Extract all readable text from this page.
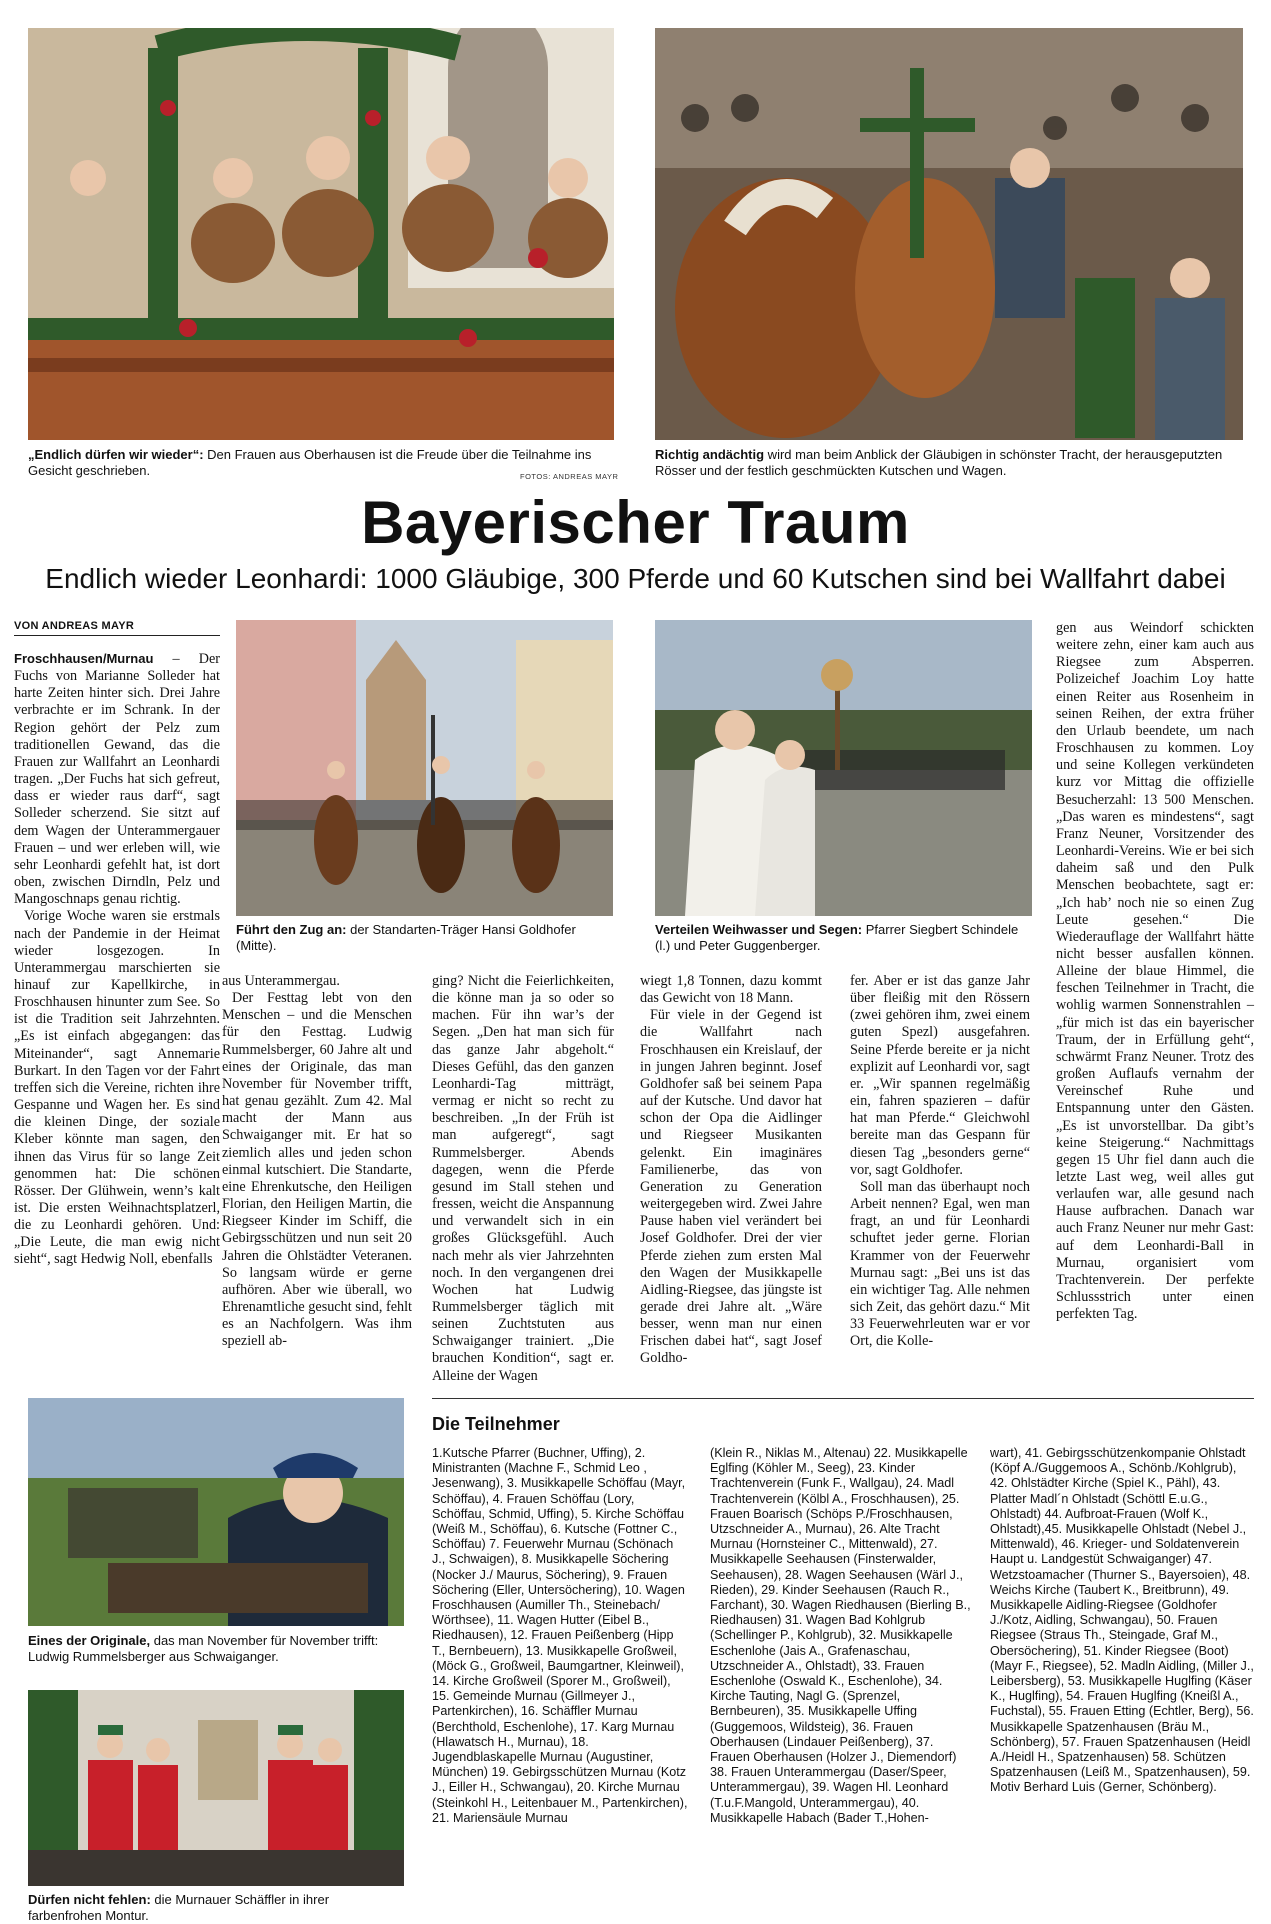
„Endlich dürfen wir wieder“: Den Frauen aus Oberhausen ist die Freude über die Teilnahme ins Gesicht geschrieben.	FOTOS: ANDREAS MAYR
Richtig andächtig wird man beim Anblick der Gläubigen in schönster Tracht, der herausgeputzten Rösser und der festlich geschmückten Kutschen und Wagen.
Bayerischer Traum
Endlich wieder Leonhardi: 1000 Gläubige, 300 Pferde und 60 Kutschen sind bei Wallfahrt dabei
VON ANDREAS MAYR
Führt den Zug an: der Standarten-Träger Hansi Goldhofer (Mitte).
Verteilen Weihwasser und Segen: Pfarrer Siegbert Schindele (l.) und Peter Guggenberger.

Froschhausen/Murnau – Der Fuchs von Marianne Solleder hat harte Zeiten hinter sich. Drei Jahre verbrachte er im Schrank. In der Region gehört der Pelz zum traditionellen Gewand, das die Frauen zur Wallfahrt an Leonhardi tragen. „Der Fuchs hat sich gefreut, dass er wieder raus darf“, sagt Solleder scherzend. Sie sitzt auf dem Wagen der Unterammergauer Frauen – und wer erleben will, wie sehr Leonhardi gefehlt hat, ist dort oben, zwischen Dirndln, Pelz und Mangoschnaps genau richtig.

Vorige Woche waren sie erstmals nach der Pandemie in der Heimat wieder losgezogen. In Unterammergau marschierten sie hinauf zur Kapellkirche, in Froschhausen hinunter zum See. So ist die Tradition seit Jahrzehnten. „Es ist einfach abgegangen: das Miteinander“, sagt Annemarie Burkart. In den Tagen vor der Fahrt treffen sich die Vereine, richten ihre Gespanne und Wagen her. Es sind die kleinen Dinge, der soziale Kleber könnte man sagen, den ihnen das Virus für so lange Zeit genommen hat: Die schönen Rösser. Der Glühwein, wenn’s kalt ist. Die ersten Weihnachtsplatzerl, die zu Leonhardi gehören. Und: „Die Leute, die man ewig nicht sieht“, sagt Hedwig Noll, ebenfalls

aus Unterammergau.

Der Festtag lebt von den Menschen – und die Menschen für den Festtag. Ludwig Rummelsberger, 60 Jahre alt und eines der Originale, das man November für November trifft, hat genau gezählt. Zum 42. Mal macht der Mann aus Schwaiganger mit. Er hat so ziemlich alles und jeden schon einmal kutschiert. Die Standarte, eine Ehrenkutsche, den Heiligen Florian, den Heiligen Martin, die Riegseer Kinder im Schiff, die Gebirgsschützen und nun seit 20 Jahren die Ohlstädter Veteranen. So langsam würde er gerne aufhören. Aber wie überall, wo Ehrenamtliche gesucht sind, fehlt es an Nachfolgern. Was ihm speziell ab-

ging? Nicht die Feierlichkeiten, die könne man ja so oder so machen. Für ihn war’s der Segen. „Den hat man sich für das ganze Jahr abgeholt.“ Dieses Gefühl, das den ganzen Leonhardi-Tag mitträgt, vermag er nicht so recht zu beschreiben. „In der Früh ist man aufgeregt“, sagt Rummelsberger. Abends dagegen, wenn die Pferde gesund im Stall stehen und fressen, weicht die Anspannung und verwandelt sich in ein großes Glücksgefühl. Auch nach mehr als vier Jahrzehnten noch. In den vergangenen drei Wochen hat Ludwig Rummelsberger täglich mit seinen Zuchtstuten aus Schwaiganger trainiert. „Die brauchen Kondition“, sagt er. Alleine der Wagen

wiegt 1,8 Tonnen, dazu kommt das Gewicht von 18 Mann.

Für viele in der Gegend ist die Wallfahrt nach Froschhausen ein Kreislauf, der in jungen Jahren beginnt. Josef Goldhofer saß bei seinem Papa auf der Kutsche. Und davor hat schon der Opa die Aidlinger und Riegseer Musikanten gelenkt. Ein imaginäres Familienerbe, das von Generation zu Generation weitergegeben wird. Zwei Jahre Pause haben viel verändert bei Josef Goldhofer. Drei der vier Pferde ziehen zum ersten Mal den Wagen der Musikkapelle Aidling-Riegsee, das jüngste ist gerade drei Jahre alt. „Wäre besser, wenn man nur einen Frischen dabei hat“, sagt Josef Goldho-

fer. Aber er ist das ganze Jahr über fleißig mit den Rössern (zwei gehören ihm, zwei einem guten Spezl) ausgefahren. Seine Pferde bereite er ja nicht explizit auf Leonhardi vor, sagt er. „Wir spannen regelmäßig ein, fahren spazieren – dafür hat man Pferde.“ Gleichwohl bereite man das Gespann für diesen Tag „besonders gerne“ vor, sagt Goldhofer.

Soll man das überhaupt noch Arbeit nennen? Egal, wen man fragt, an und für Leonhardi schuftet jeder gerne. Florian Krammer von der Feuerwehr Murnau sagt: „Bei uns ist das ein wichtiger Tag. Alle nehmen sich Zeit, das gehört dazu.“ Mit 33 Feuerwehrleuten war er vor Ort, die Kolle-

gen aus Weindorf schickten weitere zehn, einer kam auch aus Riegsee zum Absperren. Polizeichef Joachim Loy hatte einen Reiter aus Rosenheim in seinen Reihen, der extra früher den Urlaub beendete, um nach Froschhausen zu kommen. Loy und seine Kollegen verkündeten kurz vor Mittag die offizielle Besucherzahl: 13 500 Menschen. „Das waren es mindestens“, sagt Franz Neuner, Vorsitzender des Leonhardi-Vereins. Wie er bei sich daheim saß und den Pulk Menschen beobachtete, sagt er: „Ich hab’ noch nie so einen Zug Leute gesehen.“ Die Wiederauflage der Wallfahrt hätte nicht besser ausfallen können. Alleine der blaue Himmel, die feschen Teilnehmer in Tracht, die wohlig warmen Sonnenstrahlen – „für mich ist das ein bayerischer Traum, der in Erfüllung geht“, schwärmt Franz Neuner. Trotz des großen Auflaufs vernahm der Vereinschef Ruhe und Entspannung unter den Gästen. „Es ist unvorstellbar. Da gibt’s keine Steigerung.“ Nachmittags gegen 15 Uhr fiel dann auch die letzte Last weg, weil alles gut verlaufen war, alle gesund nach Hause aufbrachen. Danach war auch Franz Neuner nur mehr Gast: auf dem Leonhardi-Ball in Murnau, organisiert vom Trachtenverein. Der perfekte Schlussstrich unter einen perfekten Tag.

Eines der Originale, das man November für November trifft: Ludwig Rummelsberger aus Schwaiganger.
Dürfen nicht fehlen: die Murnauer Schäffler in ihrer farbenfrohen Montur.
Die Teilnehmer
1.Kutsche Pfarrer (Buchner, Uffing), 2. Ministranten (Machne F., Schmid Leo , Jesenwang), 3. Musikkapelle Schöffau (Mayr, Schöffau), 4. Frauen Schöffau (Lory, Schöffau, Schmid, Uffing), 5. Kirche Schöffau (Weiß M., Schöffau), 6. Kutsche (Fottner C., Schöffau) 7. Feuerwehr Murnau (Schönach J., Schwaigen), 8. Musikkapelle Söchering (Nocker J./ Maurus, Söchering), 9. Frauen Söchering (Eller, Untersöchering), 10. Wagen Froschhausen (Aumiller Th., Steinebach/ Wörthsee), 11. Wagen Hutter (Eibel B., Riedhausen), 12. Frauen Peißenberg (Hipp T., Bernbeuern), 13. Musikkapelle Großweil, (Möck G., Großweil, Baumgartner, Kleinweil), 14. Kirche Großweil (Sporer M., Großweil), 15. Gemeinde Murnau (Gillmeyer J., Partenkirchen), 16. Schäffler Murnau (Berchthold, Eschenlohe), 17. Karg Murnau (Hlawatsch H., Murnau), 18. Jugendblaskapelle Murnau (Augustiner, München) 19. Gebirgsschützen Murnau (Kotz J., Eiller H., Schwangau), 20. Kirche Murnau (Steinkohl H., Leitenbauer M., Partenkirchen), 21. Mariensäule Murnau
(Klein R., Niklas M., Altenau) 22. Musikkapelle Eglfing (Köhler M., Seeg), 23. Kinder Trachtenverein (Funk F., Wallgau), 24. Madl Trachtenverein (Kölbl A., Froschhausen), 25. Frauen Boarisch (Schöps P./Froschhausen, Utzschneider A., Murnau), 26. Alte Tracht Murnau (Hornsteiner C., Mittenwald), 27. Musikkapelle Seehausen (Finsterwalder, Seehausen), 28. Wagen Seehausen (Wärl J., Rieden), 29. Kinder Seehausen (Rauch R., Farchant), 30. Wagen Riedhausen (Bierling B., Riedhausen) 31. Wagen Bad Kohlgrub (Schellinger P., Kohlgrub), 32. Musikkapelle Eschenlohe (Jais A., Grafenaschau, Utzschneider A., Ohlstadt), 33. Frauen Eschenlohe (Oswald K., Eschenlohe), 34. Kirche Tauting, Nagl G. (Sprenzel, Bernbeuren), 35. Musikkapelle Uffing (Guggemoos, Wildsteig), 36. Frauen Oberhausen (Lindauer Peißenberg), 37. Frauen Oberhausen (Holzer J., Diemendorf) 38. Frauen Unterammergau (Daser/Speer, Unterammergau), 39. Wagen Hl. Leonhard (T.u.F.Mangold, Unterammergau), 40. Musikkapelle Habach (Bader T.,Hohen-
wart), 41. Gebirgsschützenkompanie Ohlstadt (Köpf A./Guggemoos A., Schönb./Kohlgrub), 42. Ohlstädter Kirche (Spiel K., Pähl), 43. Platter Madl´n Ohlstadt (Schöttl E.u.G., Ohlstadt) 44. Aufbroat-Frauen (Wolf K., Ohlstadt),45. Musikkapelle Ohlstadt (Nebel J., Mittenwald), 46. Krieger- und Soldatenverein Haupt u. Landgestüt Schwaiganger) 47. Wetzstoamacher (Thurner S., Bayersoien), 48. Weichs Kirche (Taubert K., Breitbrunn), 49. Musikkapelle Aidling-Riegsee (Goldhofer J./Kotz, Aidling, Schwangau), 50. Frauen Riegsee (Straus Th., Steingade, Graf M., Obersöchering), 51. Kinder Riegsee (Boot) (Mayr F., Riegsee), 52. Madln Aidling, (Miller J., Leibersberg), 53. Musikkapelle Huglfing (Käser K., Huglfing), 54. Frauen Huglfing (Kneißl A., Fuchstal), 55. Frauen Etting (Echtler, Berg), 56. Musikkapelle Spatzenhausen (Bräu M., Schönberg), 57. Frauen Spatzenhausen (Heidl A./Heidl H., Spatzenhausen) 58. Schützen Spatzenhausen (Leiß M., Spatzenhausen), 59. Motiv Berhard Luis (Gerner, Schönberg).
